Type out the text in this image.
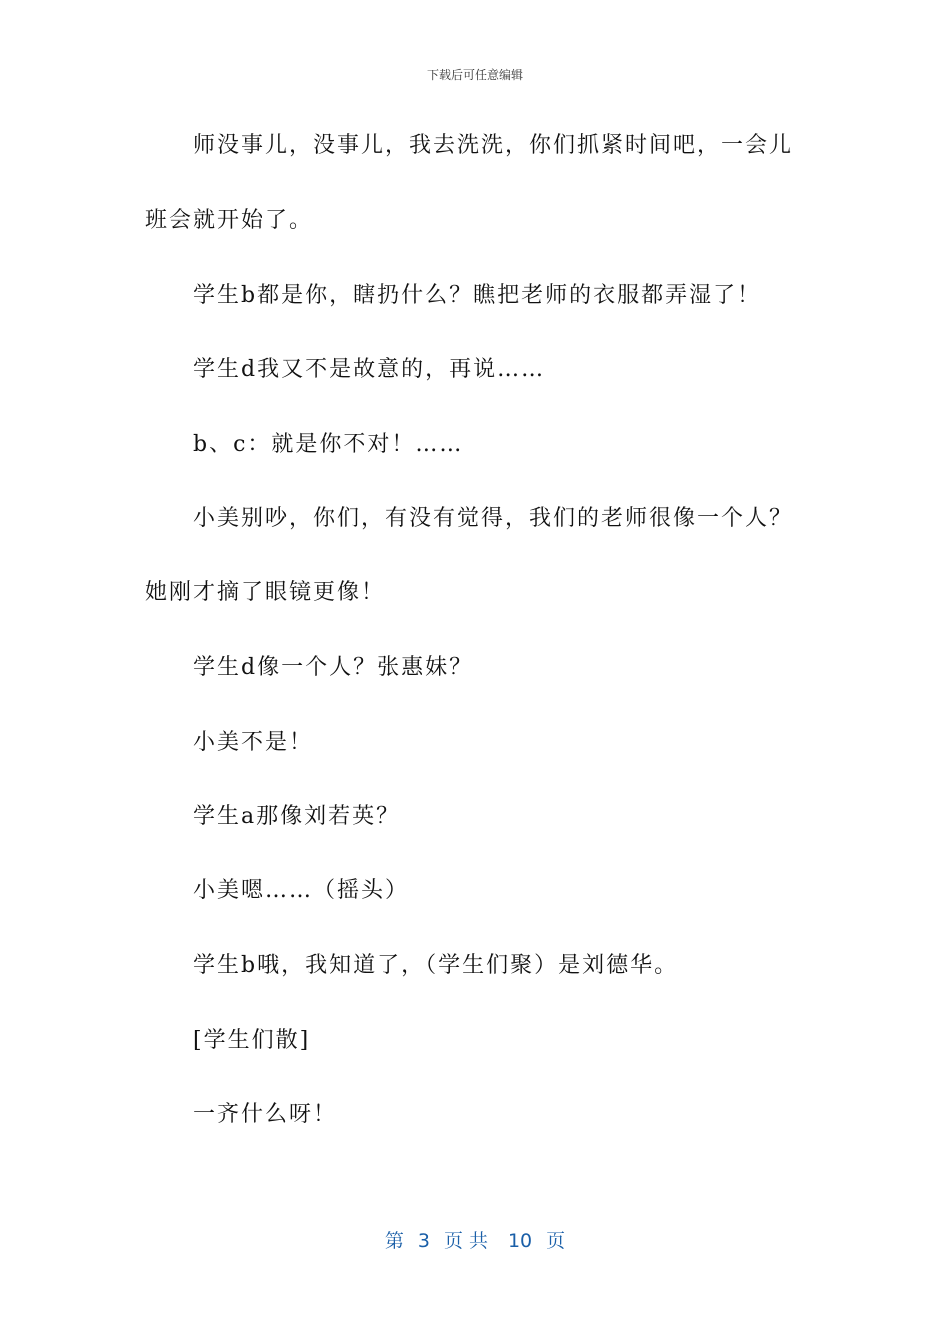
下载后可任意编辑
师没事儿，没事儿，我去洗洗，你们抓紧时间吧，一会儿
班会就开始了。
学生b都是你，瞎扔什么？瞧把老师的衣服都弄湿了！
学生d我又不是故意的，再说……
b、c：就是你不对！……
小美别吵，你们，有没有觉得，我们的老师很像一个人？
她刚才摘了眼镜更像！
学生d像一个人？张惠妹？
小美不是！
学生a那像刘若英？
小美嗯……（摇头）
学生b哦，我知道了，（学生们聚）是刘德华。
[学生们散]
一齐什么呀！
第 3 页共 10 页
